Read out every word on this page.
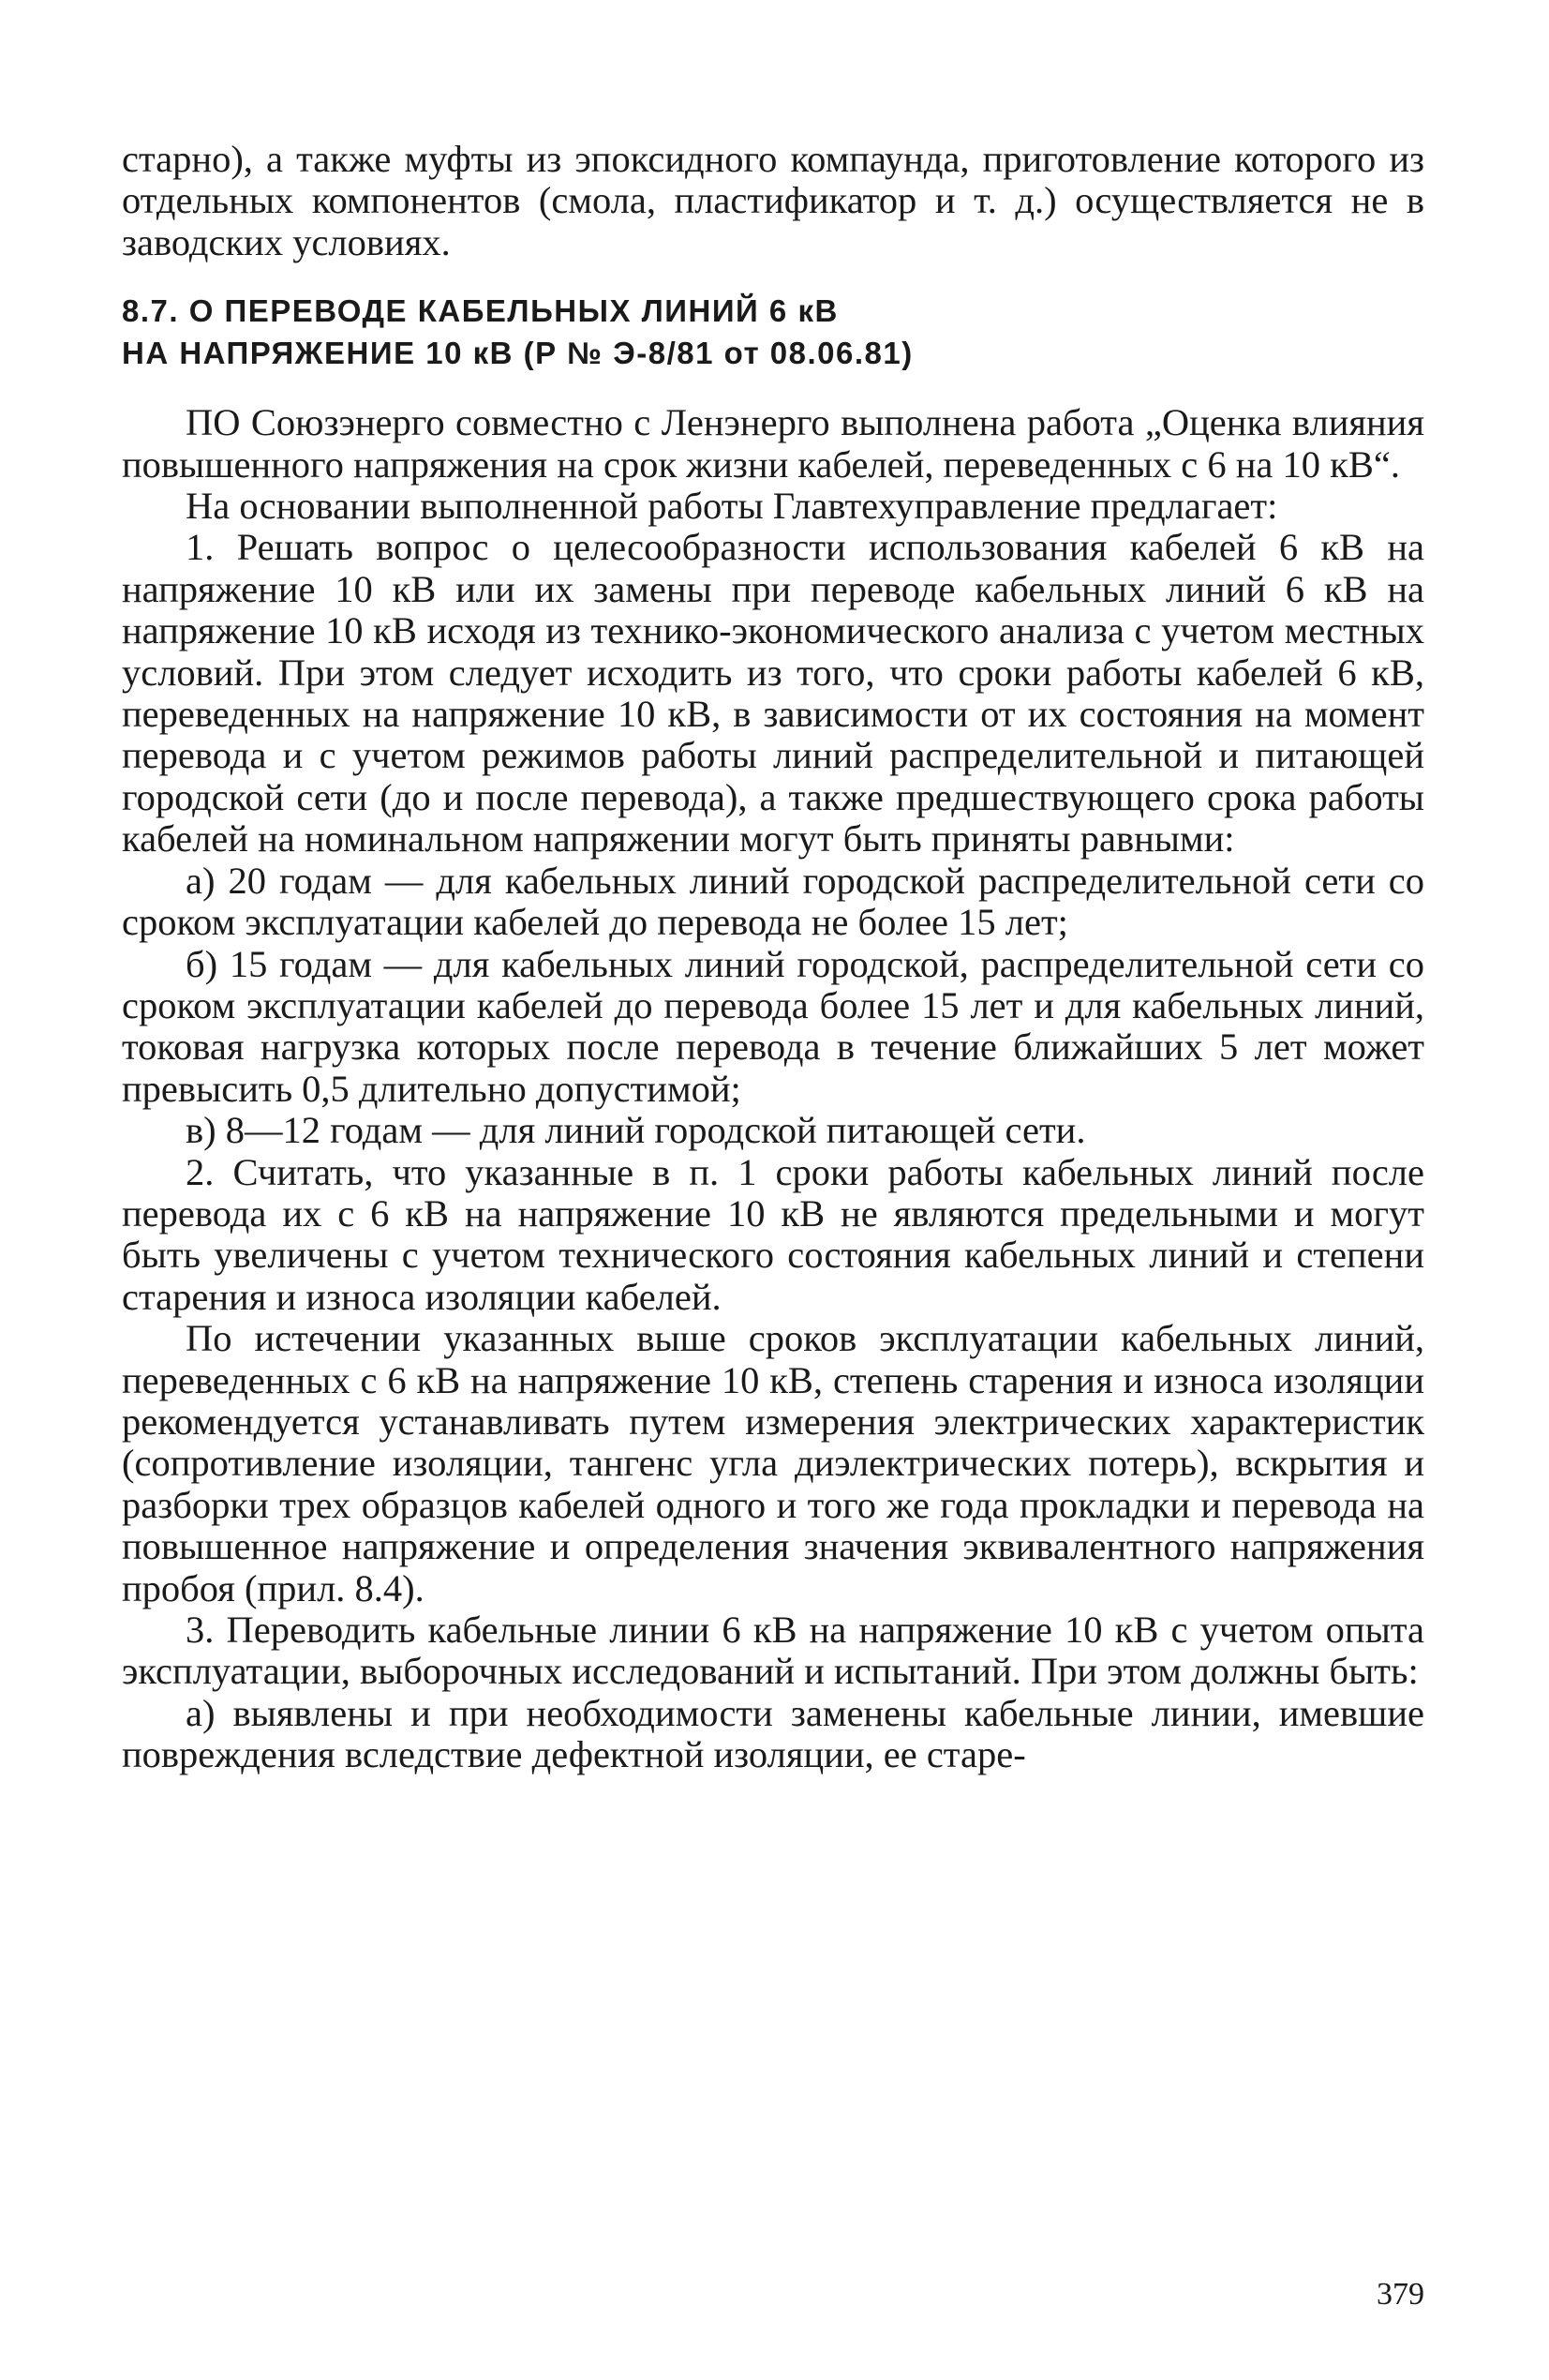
старно), а также муфты из эпоксидного компаунда, приготовление которого из отдельных компонентов (смола, пластификатор и т. д.) осуществляется не в заводских условиях.

8.7. О ПЕРЕВОДЕ КАБЕЛЬНЫХ ЛИНИЙ 6 кВ
НА НАПРЯЖЕНИЕ 10 кВ (Р № Э-8/81 от 08.06.81)

ПО Союзэнерго совместно с Ленэнерго выполнена работа „Оценка влияния повышенного напряжения на срок жизни кабелей, переведенных с 6 на 10 кВ“.

На основании выполненной работы Главтехуправление предлагает:

1. Решать вопрос о целесообразности использования кабелей 6 кВ на напряжение 10 кВ или их замены при переводе кабельных линий 6 кВ на напряжение 10 кВ исходя из технико-экономического анализа с учетом местных условий. При этом следует исходить из того, что сроки работы кабелей 6 кВ, переведенных на напряжение 10 кВ, в зависимости от их состояния на момент перевода и с учетом режимов работы линий распределительной и питающей городской сети (до и после перевода), а также предшествующего срока работы кабелей на номинальном напряжении могут быть приняты равными:

а) 20 годам — для кабельных линий городской распределительной сети со сроком эксплуатации кабелей до перевода не более 15 лет;

б) 15 годам — для кабельных линий городской, распределительной сети со сроком эксплуатации кабелей до перевода более 15 лет и для кабельных линий, токовая нагрузка которых после перевода в течение ближайших 5 лет может превысить 0,5 длительно допустимой;

в) 8—12 годам — для линий городской питающей сети.

2. Считать, что указанные в п. 1 сроки работы кабельных линий после перевода их с 6 кВ на напряжение 10 кВ не являются предельными и могут быть увеличены с учетом технического состояния кабельных линий и степени старения и износа изоляции кабелей.

По истечении указанных выше сроков эксплуатации кабельных линий, переведенных с 6 кВ на напряжение 10 кВ, степень старения и износа изоляции рекомендуется устанавливать путем измерения электрических характеристик (сопротивление изоляции, тангенс угла диэлектрических потерь), вскрытия и разборки трех образцов кабелей одного и того же года прокладки и перевода на повышенное напряжение и определения значения эквивалентного напряжения пробоя (прил. 8.4).

3. Переводить кабельные линии 6 кВ на напряжение 10 кВ с учетом опыта эксплуатации, выборочных исследований и испытаний. При этом должны быть:

а) выявлены и при необходимости заменены кабельные линии, имевшие повреждения вследствие дефектной изоляции, ее старе-

379
